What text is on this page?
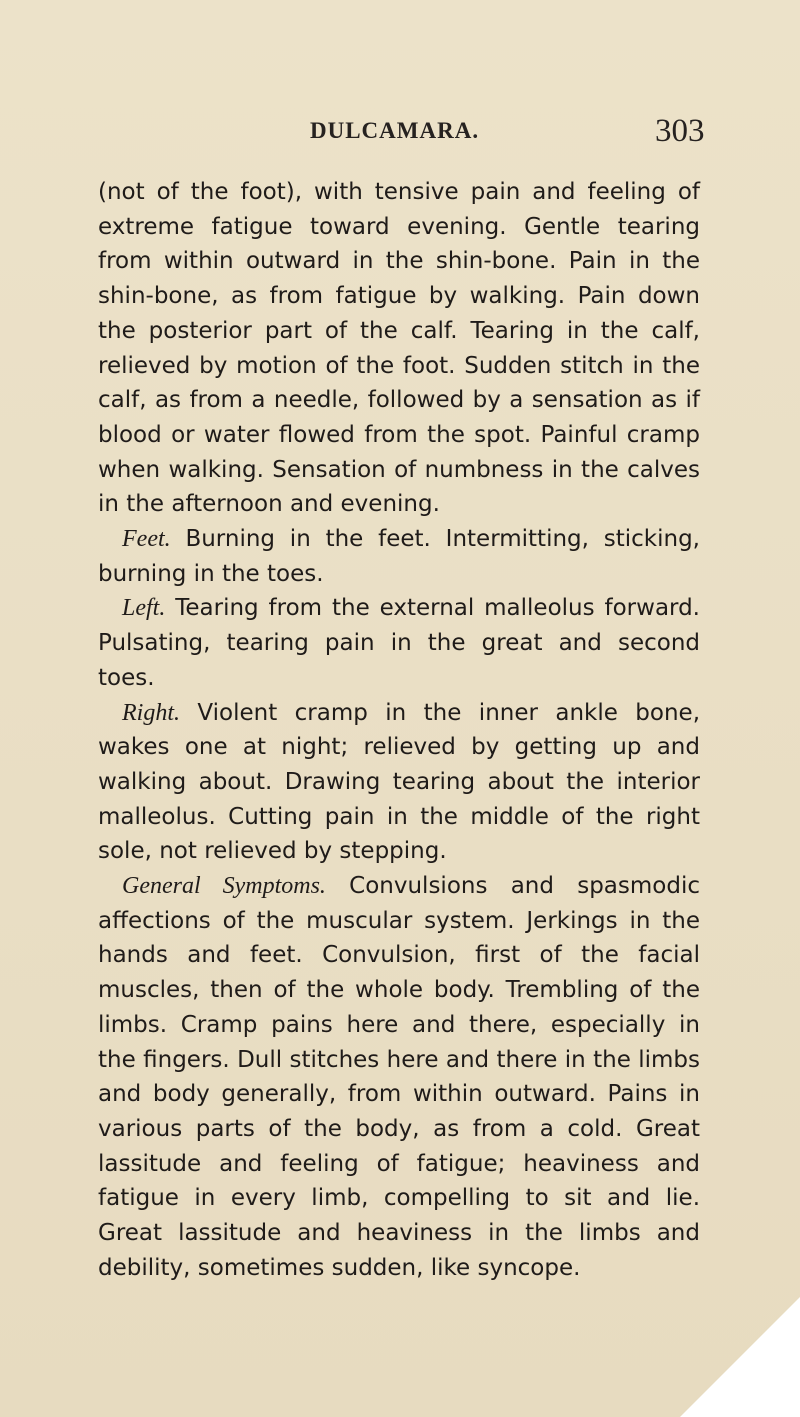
DULCAMARA.	303

(not of the foot), with tensive pain and feeling of extreme fatigue toward evening. Gentle tearing from within outward in the shin-bone. Pain in the shin-bone, as from fatigue by walking. Pain down the posterior part of the calf. Tearing in the calf, relieved by motion of the foot. Sudden stitch in the calf, as from a needle, followed by a sensation as if blood or water flowed from the spot. Painful cramp when walking. Sensation of numbness in the calves in the afternoon and evening.

Feet. Burning in the feet. Intermitting, sticking, burning in the toes.

Left. Tearing from the external malleolus forward. Pulsating, tearing pain in the great and second toes.

Right. Violent cramp in the inner ankle bone, wakes one at night; relieved by getting up and walking about. Drawing tearing about the interior malleolus. Cutting pain in the middle of the right sole, not relieved by stepping.

General Symptoms. Convulsions and spasmodic affections of the muscular system. Jerkings in the hands and feet. Convulsion, first of the facial muscles, then of the whole body. Trembling of the limbs. Cramp pains here and there, especially in the fingers. Dull stitches here and there in the limbs and body generally, from within outward. Pains in various parts of the body, as from a cold. Great lassitude and feeling of fatigue; heaviness and fatigue in every limb, compelling to sit and lie. Great lassitude and heaviness in the limbs and debility, sometimes sudden, like syncope.
